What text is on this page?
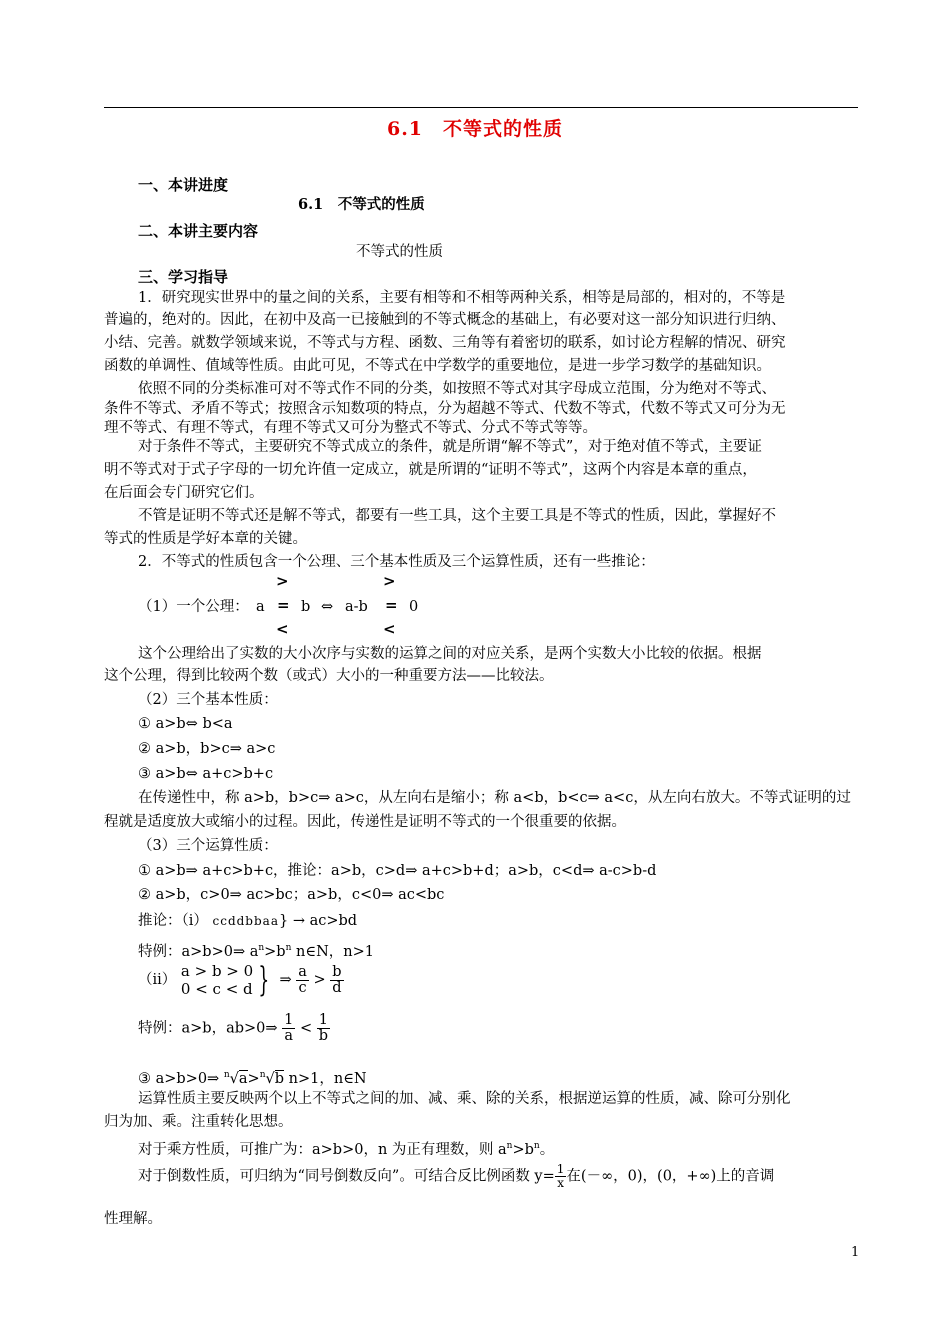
6.1　不等式的性质
一、本讲进度
6.1　不等式的性质
二、本讲主要内容
不等式的性质
三、学习指导
1．研究现实世界中的量之间的关系，主要有相等和不相等两种关系，相等是局部的，相对的，不等是
普遍的，绝对的。因此，在初中及高一已接触到的不等式概念的基础上，有必要对这一部分知识进行归纳、
小结、完善。就数学领域来说，不等式与方程、函数、三角等有着密切的联系，如讨论方程解的情况、研究
函数的单调性、值域等性质。由此可见，不等式在中学数学的重要地位，是进一步学习数学的基础知识。
依照不同的分类标准可对不等式作不同的分类，如按照不等式对其字母成立范围，分为绝对不等式、
条件不等式、矛盾不等式；按照含示知数项的特点，分为超越不等式、代数不等式，代数不等式又可分为无
理不等式、有理不等式，有理不等式又可分为整式不等式、分式不等式等等。
对于条件不等式，主要研究不等式成立的条件，就是所谓“解不等式”，对于绝对值不等式，主要证
明不等式对于式子字母的一切允许值一定成立，就是所谓的“证明不等式”，这两个内容是本章的重点，
在后面会专门研究它们。
不管是证明不等式还是解不等式，都要有一些工具，这个主要工具是不等式的性质，因此，掌握好不
等式的性质是学好本章的关键。
2．不等式的性质包含一个公理、三个基本性质及三个运算性质，还有一些推论：
>	>
（1）一个公理： a = b ⇔ a-b = 0
<	<
这个公理给出了实数的大小次序与实数的运算之间的对应关系，是两个实数大小比较的依据。根据
这个公理，得到比较两个数（或式）大小的一种重要方法——比较法。
（2）三个基本性质：
① a>b⇔ b<a
② a>b，b>c⇒ a>c
③ a>b⇔ a+c>b+c
在传递性中，称 a>b，b>c⇒ a>c，从左向右是缩小；称 a<b，b<c⇒ a<c，从左向右放大。不等式证明的过
程就是适度放大或缩小的过程。因此，传递性是证明不等式的一个很重要的依据。
（3）三个运算性质：
① a>b⇒ a+c>b+c，推论：a>b，c>d⇒ a+c>b+d；a>b，c<d⇒ a-c>b-d
② a>b，c>0⇒ ac>bc；a>b，c<0⇒ ac<bc
推论：（i） ccddbbaa} → ac>bd
特例：a>b>0⇒ $a^n>b^n$ n∈N，n>1
（ii） a > b > 0
0 < c < d } ⇒ $\frac{a}{c} > \frac{b}{d}$
特例：a>b，ab>0⇒ $\frac{1}{a} < \frac{1}{b}$
③ a>b>0⇒ $^n$√a>$^n$√b n>1，n∈N
运算性质主要反映两个以上不等式之间的加、减、乘、除的关系，根据逆运算的性质，减、除可分别化
归为加、乘。注重转化思想。
对于乘方性质，可推广为：a>b>0，n 为正有理数，则 $a^n>b^n$。
对于倒数性质，可归纳为“同号倒数反向”。可结合反比例函数 $y= \frac{1}{x}$ 在(－∞，0)，(0，+∞)上的音调
性理解。
1
